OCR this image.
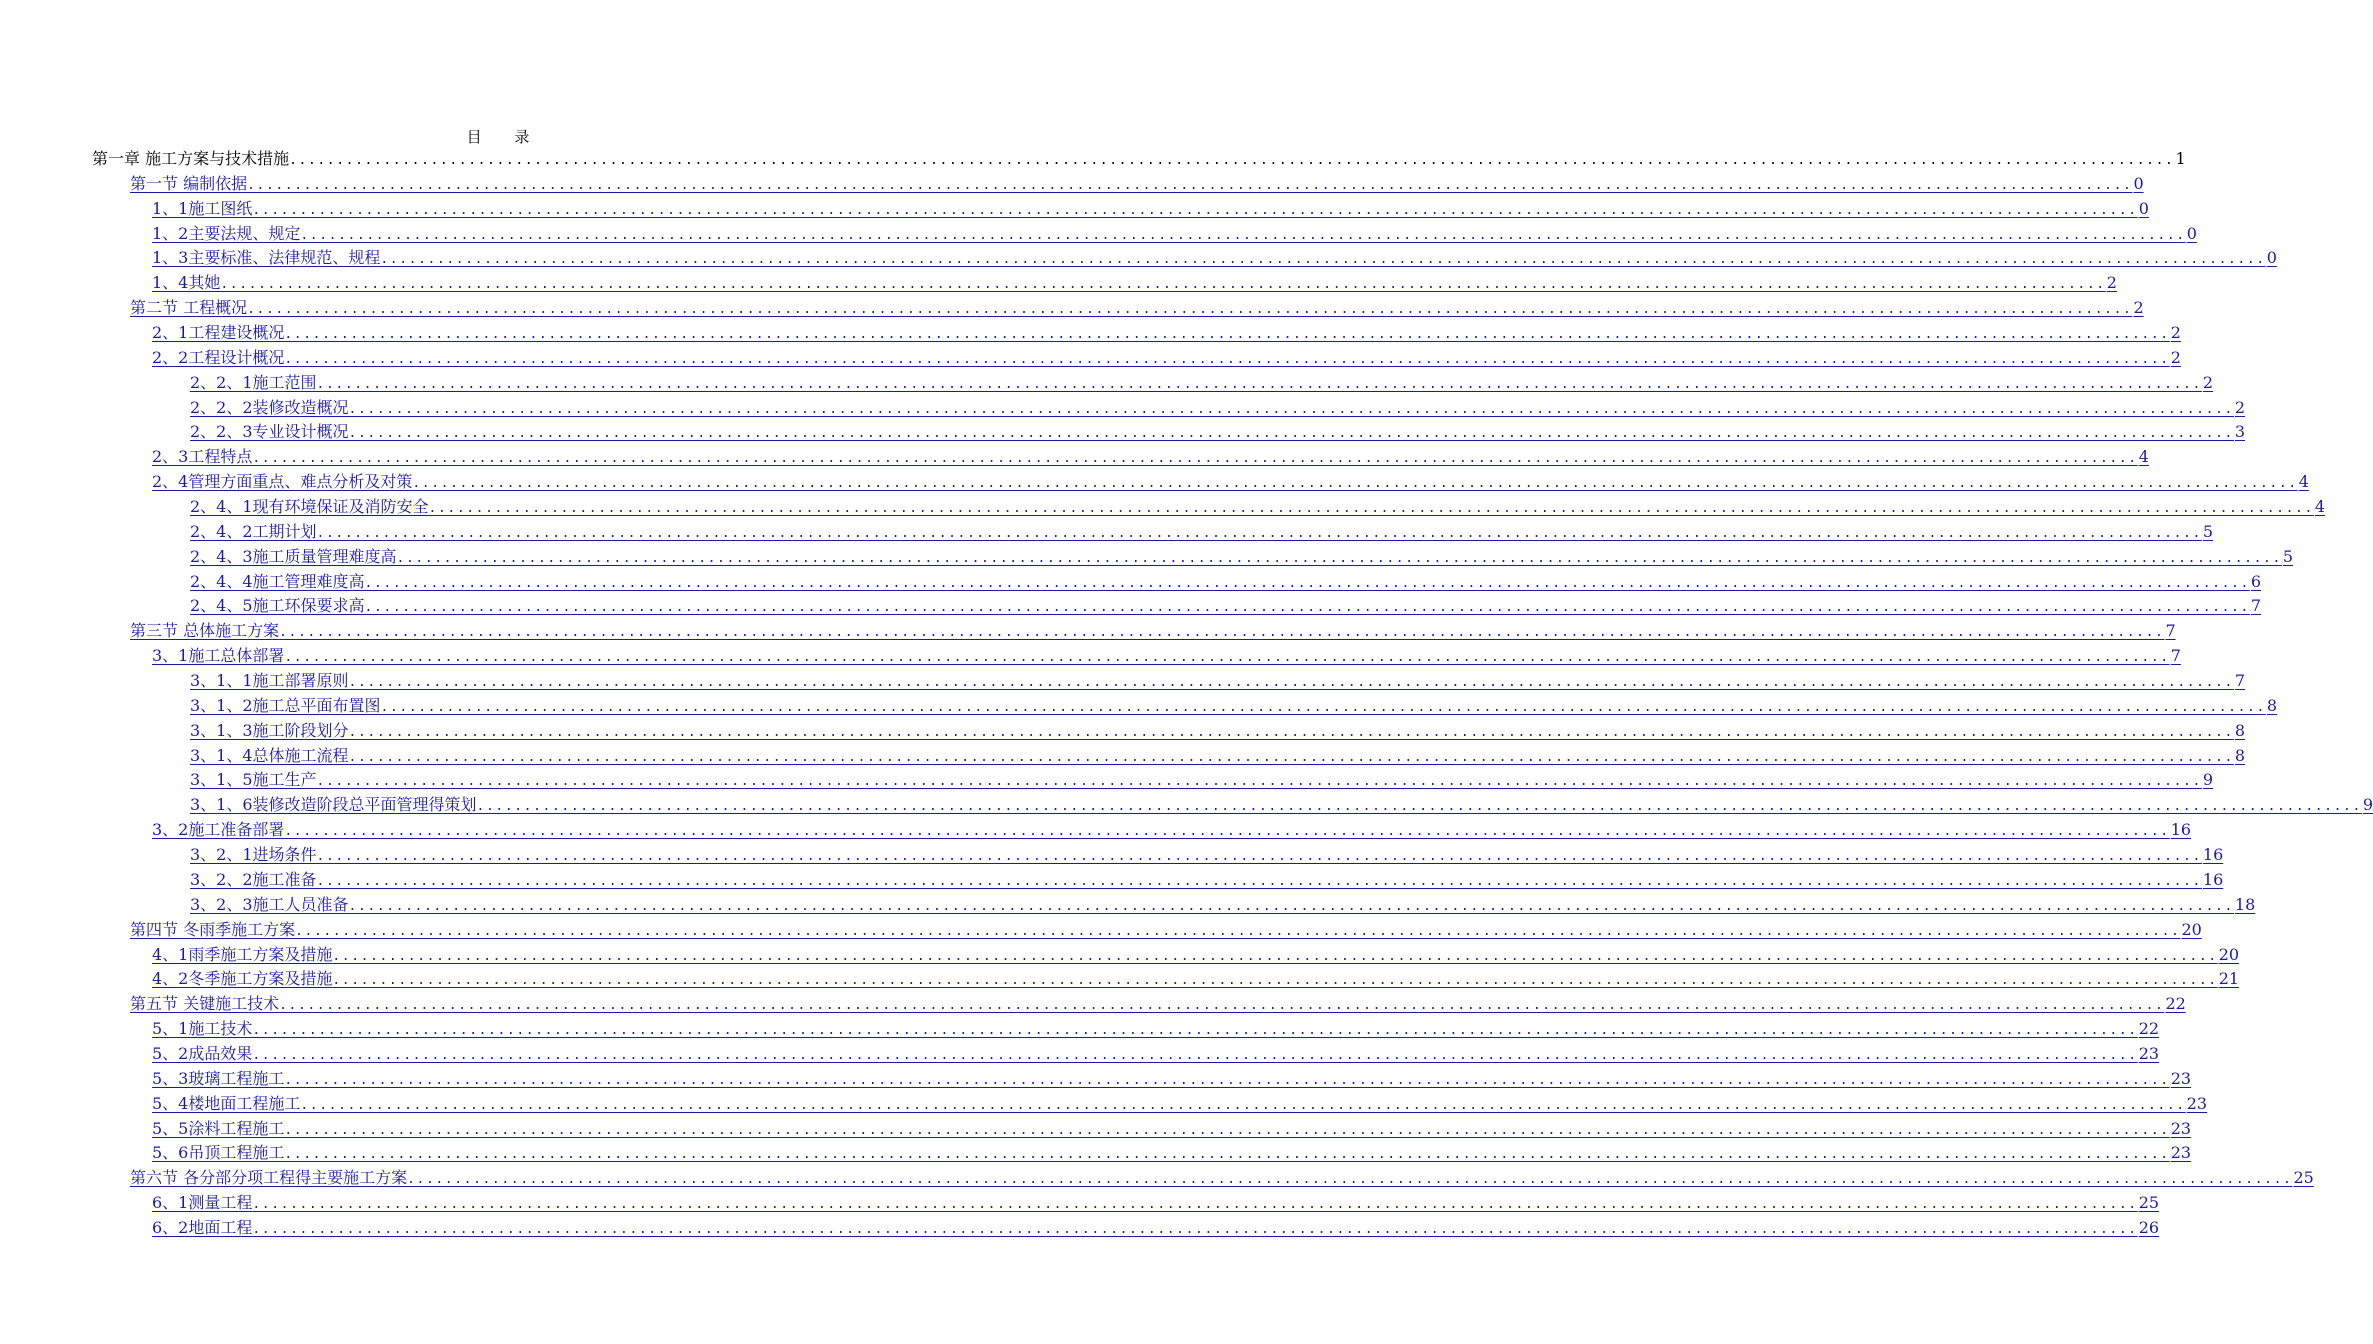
目 录
第一章 施工方案与技术措施 ........................................................................................................................................................................................................ 1
第一节 编制依据 ........................................................................................................................................................................................................ 0
1、1施工图纸 ........................................................................................................................................................................................................ 0
1、2主要法规、规定 ........................................................................................................................................................................................................ 0
1、3主要标准、法律规范、规程 ........................................................................................................................................................................................................ 0
1、4其她 ........................................................................................................................................................................................................ 2
第二节 工程概况 ........................................................................................................................................................................................................ 2
2、1工程建设概况 ........................................................................................................................................................................................................ 2
2、2工程设计概况 ........................................................................................................................................................................................................ 2
2、2、1施工范围 ........................................................................................................................................................................................................ 2
2、2、2装修改造概况 ........................................................................................................................................................................................................ 2
2、2、3专业设计概况 ........................................................................................................................................................................................................ 3
2、3工程特点 ........................................................................................................................................................................................................ 4
2、4管理方面重点、难点分析及对策 ........................................................................................................................................................................................................ 4
2、4、1现有环境保证及消防安全 ........................................................................................................................................................................................................ 4
2、4、2工期计划 ........................................................................................................................................................................................................ 5
2、4、3施工质量管理难度高 ........................................................................................................................................................................................................ 5
2、4、4施工管理难度高 ........................................................................................................................................................................................................ 6
2、4、5施工环保要求高 ........................................................................................................................................................................................................ 7
第三节 总体施工方案 ........................................................................................................................................................................................................ 7
3、1施工总体部署 ........................................................................................................................................................................................................ 7
3、1、1施工部署原则 ........................................................................................................................................................................................................ 7
3、1、2施工总平面布置图 ........................................................................................................................................................................................................ 8
3、1、3施工阶段划分 ........................................................................................................................................................................................................ 8
3、1、4总体施工流程 ........................................................................................................................................................................................................ 8
3、1、5施工生产 ........................................................................................................................................................................................................ 9
3、1、6装修改造阶段总平面管理得策划 ........................................................................................................................................................................................................ 9
3、2施工准备部署 ........................................................................................................................................................................................................ 16
3、2、1进场条件 ........................................................................................................................................................................................................ 16
3、2、2施工准备 ........................................................................................................................................................................................................ 16
3、2、3施工人员准备 ........................................................................................................................................................................................................ 18
第四节 冬雨季施工方案 ........................................................................................................................................................................................................ 20
4、1雨季施工方案及措施 ........................................................................................................................................................................................................ 20
4、2冬季施工方案及措施 ........................................................................................................................................................................................................ 21
第五节 关键施工技术 ........................................................................................................................................................................................................ 22
5、1施工技术 ........................................................................................................................................................................................................ 22
5、2成品效果 ........................................................................................................................................................................................................ 23
5、3玻璃工程施工 ........................................................................................................................................................................................................ 23
5、4楼地面工程施工 ........................................................................................................................................................................................................ 23
5、5涂料工程施工 ........................................................................................................................................................................................................ 23
5、6吊顶工程施工 ........................................................................................................................................................................................................ 23
第六节 各分部分项工程得主要施工方案 ........................................................................................................................................................................................................ 25
6、1测量工程 ........................................................................................................................................................................................................ 25
6、2地面工程 ........................................................................................................................................................................................................ 26
